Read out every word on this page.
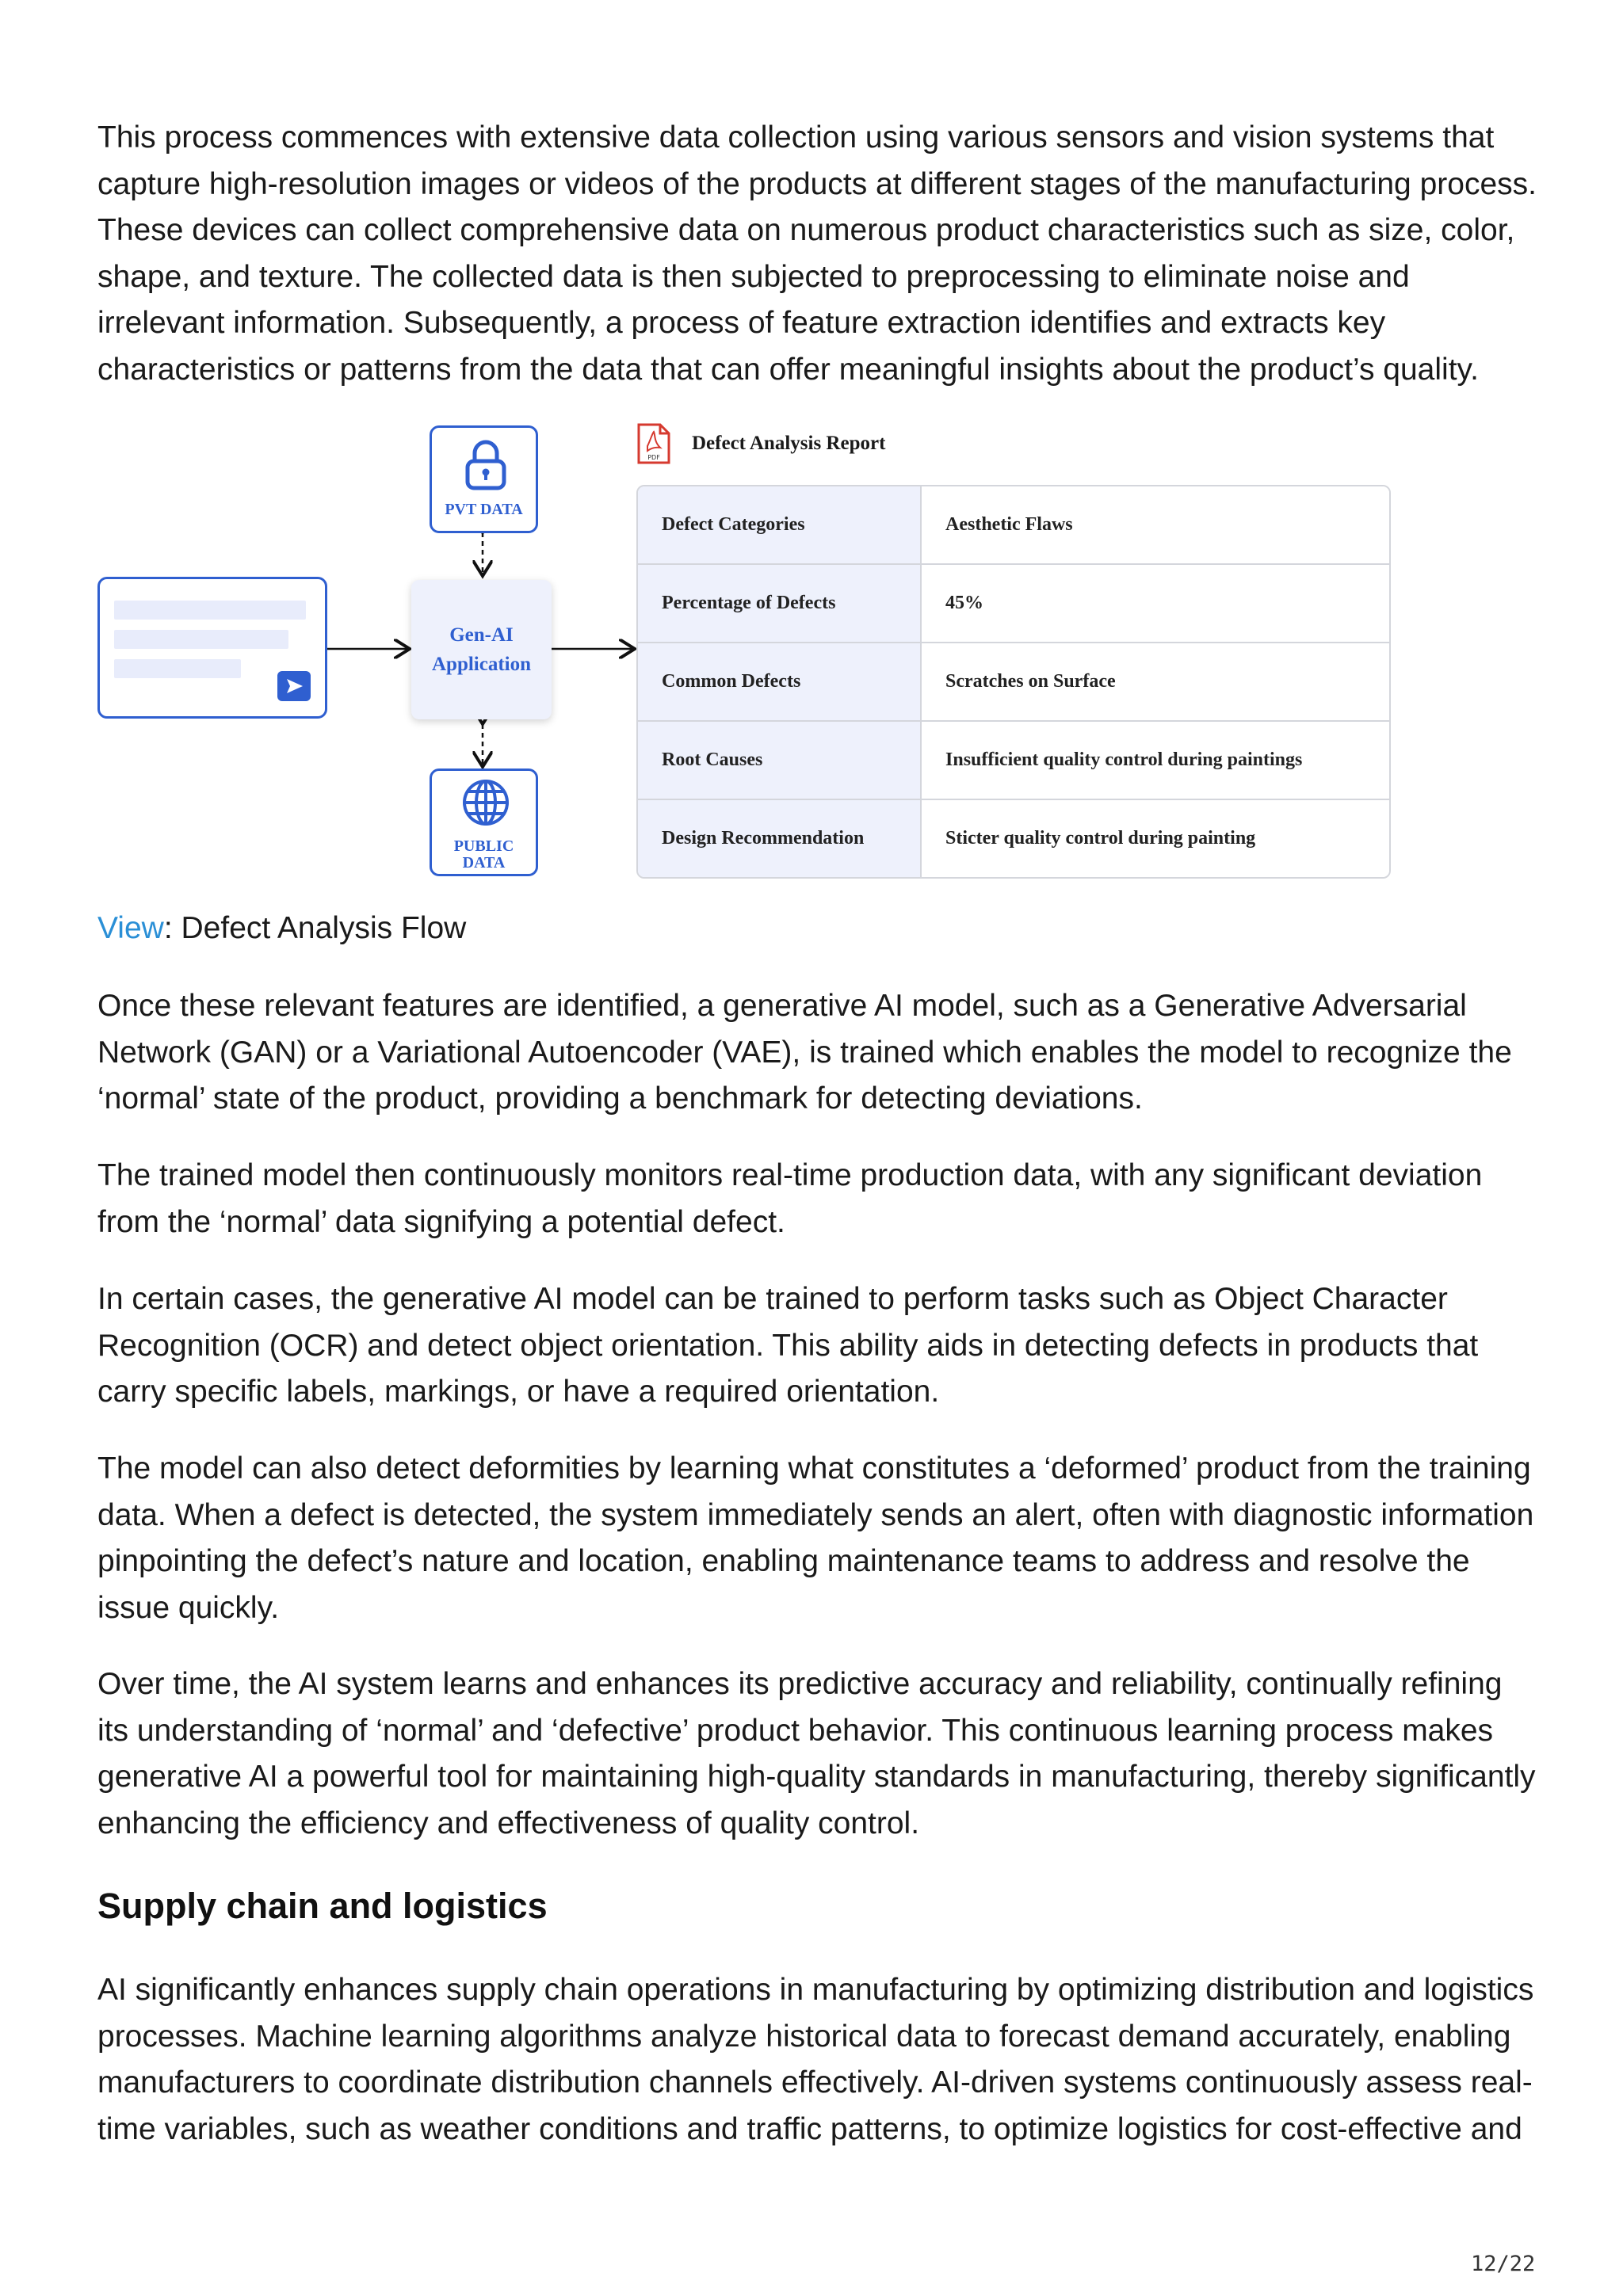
This process commences with extensive data collection using various sensors and vision systems that capture high-resolution images or videos of the products at different stages of the manufacturing process. These devices can collect comprehensive data on numerous product characteristics such as size, color, shape, and texture. The collected data is then subjected to preprocessing to eliminate noise and irrelevant information. Subsequently, a process of feature extraction identifies and extracts key characteristics or patterns from the data that can offer meaningful insights about the product’s quality.

PVT DATA
Gen-AI
Application
PUBLIC
DATA
PDF
Defect Analysis Report
Defect Categories	Aesthetic Flaws
Percentage of Defects	45%
Common Defects	Scratches on Surface
Root Causes	Insufficient quality control during paintings
Design Recommendation	Sticter quality control during painting
View: Defect Analysis Flow

Once these relevant features are identified, a generative AI model, such as a Generative Adversarial Network (GAN) or a Variational Autoencoder (VAE), is trained which enables the model to recognize the ‘normal’ state of the product, providing a benchmark for detecting deviations.

The trained model then continuously monitors real-time production data, with any significant deviation from the ‘normal’ data signifying a potential defect.

In certain cases, the generative AI model can be trained to perform tasks such as Object Character Recognition (OCR) and detect object orientation. This ability aids in detecting defects in products that carry specific labels, markings, or have a required orientation.

The model can also detect deformities by learning what constitutes a ‘deformed’ product from the training data. When a defect is detected, the system immediately sends an alert, often with diagnostic information pinpointing the defect’s nature and location, enabling maintenance teams to address and resolve the issue quickly.

Over time, the AI system learns and enhances its predictive accuracy and reliability, continually refining its understanding of ‘normal’ and ‘defective’ product behavior. This continuous learning process makes generative AI a powerful tool for maintaining high-quality standards in manufacturing, thereby significantly enhancing the efficiency and effectiveness of quality control.

Supply chain and logistics

AI significantly enhances supply chain operations in manufacturing by optimizing distribution and logistics processes. Machine learning algorithms analyze historical data to forecast demand accurately, enabling manufacturers to coordinate distribution channels effectively. AI-driven systems continuously assess real-time variables, such as weather conditions and traffic patterns, to optimize logistics for cost-effective and

12/22
